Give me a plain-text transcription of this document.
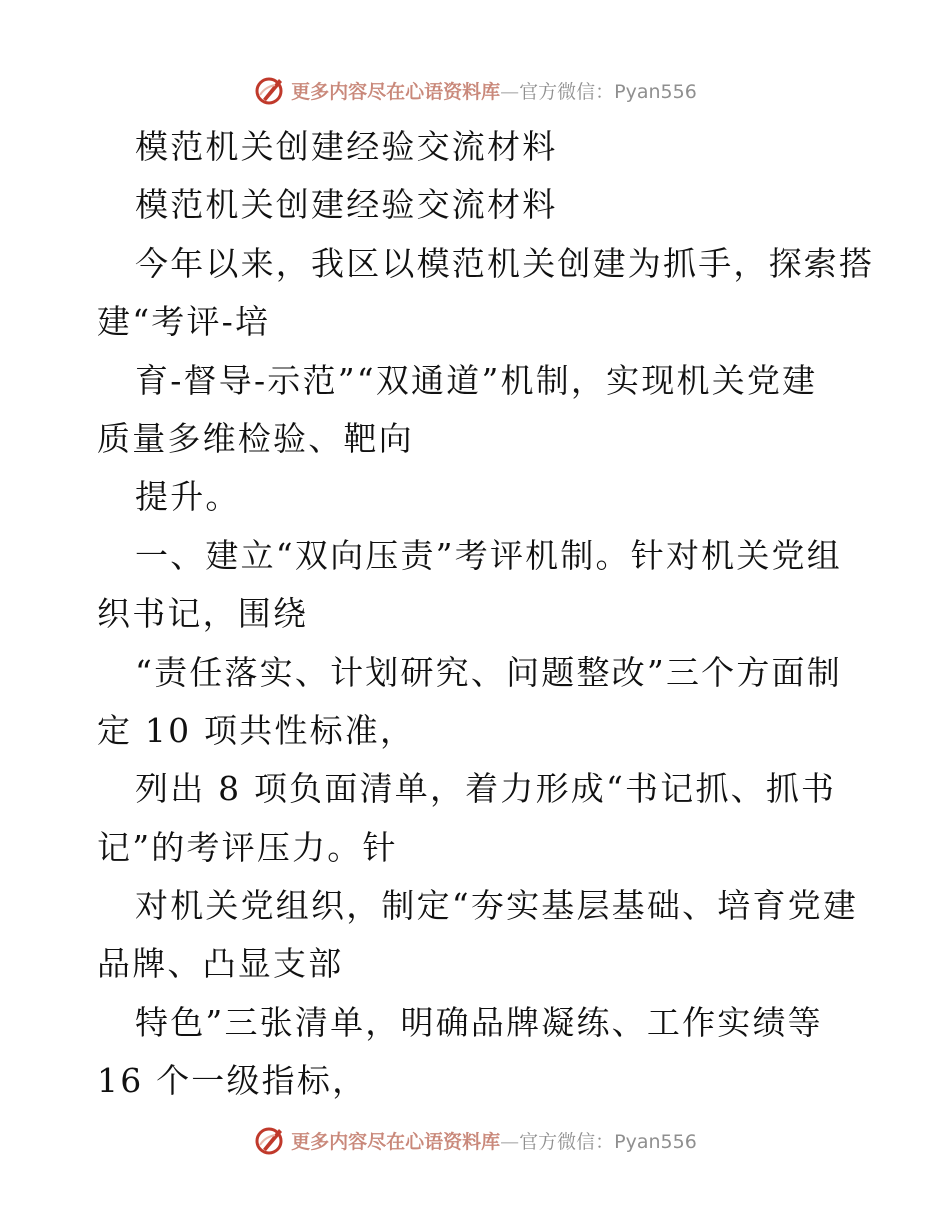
更多内容尽在心语资料库—官方微信：Pyan556
模范机关创建经验交流材料
模范机关创建经验交流材料
今年以来，我区以模范机关创建为抓手，探索搭
建“考评-培
育-督导-示范”“双通道”机制，实现机关党建
质量多维检验、靶向
提升。
一、建立“双向压责”考评机制。针对机关党组
织书记，围绕
“责任落实、计划研究、问题整改”三个方面制
定 10 项共性标准，
列出 8 项负面清单，着力形成“书记抓、抓书
记”的考评压力。针
对机关党组织，制定“夯实基层基础、培育党建
品牌、凸显支部
特色”三张清单，明确品牌凝练、工作实绩等
16 个一级指标，
更多内容尽在心语资料库—官方微信：Pyan556
